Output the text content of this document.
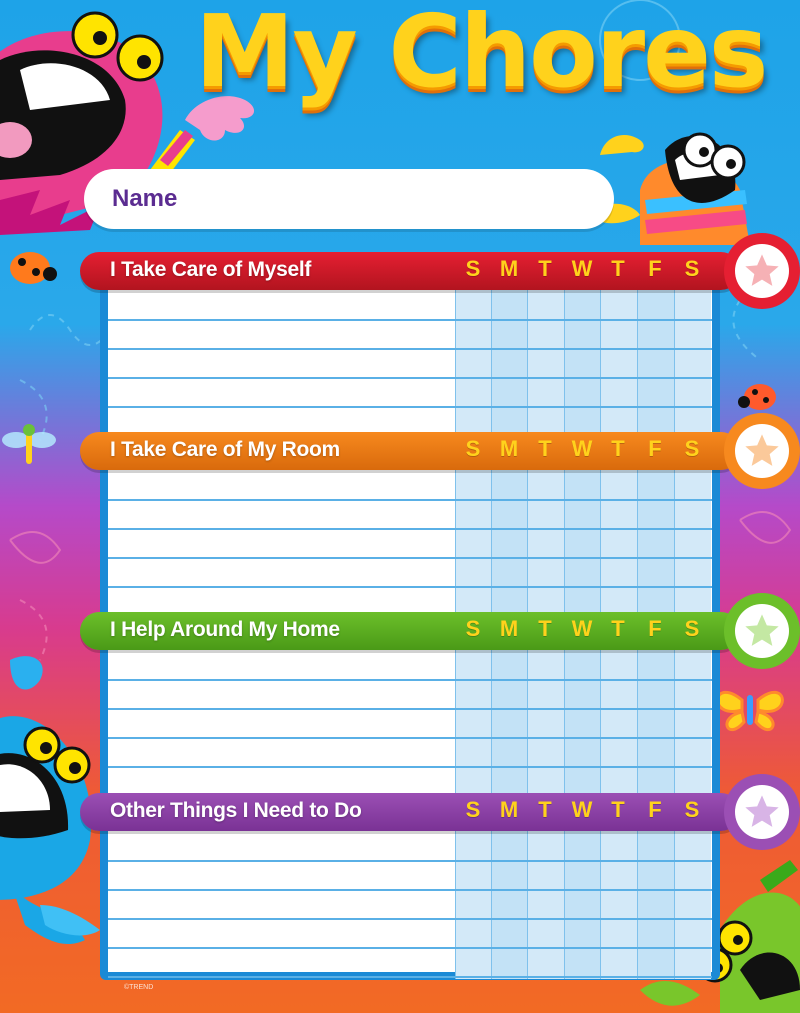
My Chores
Name
I Take Care of Myself	S M T W T	F	S
I Take Care of My Room	S M T W T	F	S
I Help Around My Home	S M T W T	F	S
Other Things I Need to Do	S M T W T	F	S
©TREND
